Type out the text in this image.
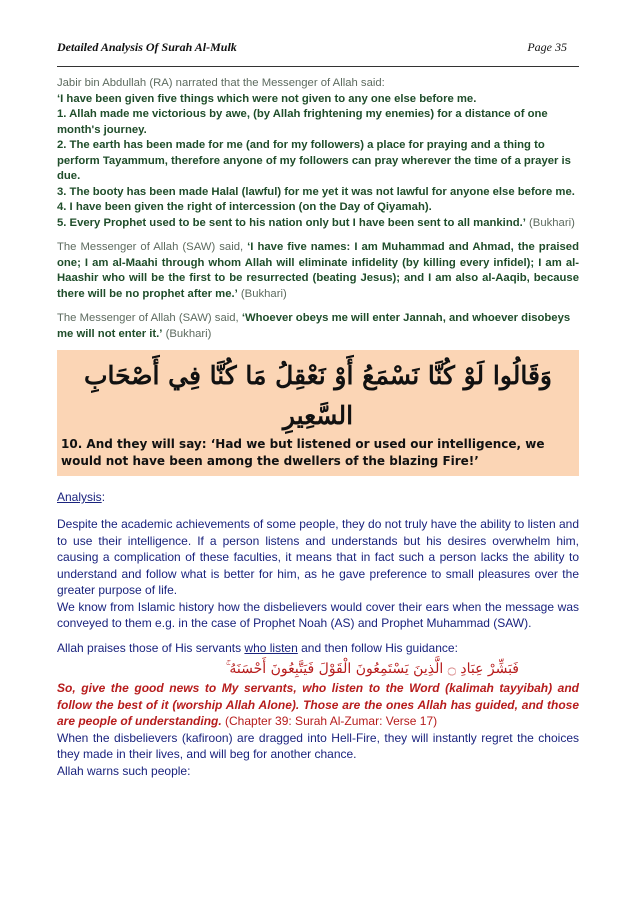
Detailed Analysis Of Surah Al-Mulk	Page 35

Jabir bin Abdullah (RA) narrated that the Messenger of Allah said:

‘I have been given five things which were not given to any one else before me.

1. Allah made me victorious by awe, (by Allah frightening my enemies) for a distance of one month's journey.

2. The earth has been made for me (and for my followers) a place for praying and a thing to perform Tayammum, therefore anyone of my followers can pray wherever the time of a prayer is due.

3. The booty has been made Halal (lawful) for me yet it was not lawful for anyone else before me.

4. I have been given the right of intercession (on the Day of Qiyamah).

5. Every Prophet used to be sent to his nation only but I have been sent to all mankind.’ (Bukhari)

The Messenger of Allah (SAW) said, ‘I have five names: I am Muhammad and Ahmad, the praised one; I am al-Maahi through whom Allah will eliminate infidelity (by killing every infidel); I am al-Haashir who will be the first to be resurrected (beating Jesus); and I am also al-Aaqib, because there will be no prophet after me.’ (Bukhari)

The Messenger of Allah (SAW) said, ‘Whoever obeys me will enter Jannah, and whoever disobeys me will not enter it.’ (Bukhari)

وَقَالُوا لَوْ كُنَّا نَسْمَعُ أَوْ نَعْقِلُ مَا كُنَّا فِي أَصْحَابِ السَّعِيرِ

10. And they will say: ‘Had we but listened or used our intelligence, we would not have been among the dwellers of the blazing Fire!’

Analysis:

Despite the academic achievements of some people, they do not truly have the ability to listen and to use their intelligence. If a person listens and understands but his desires overwhelm him, causing a complication of these faculties, it means that in fact such a person lacks the ability to understand and follow what is better for him, as he gave preference to small pleasures over the greater purpose of life.

We know from Islamic history how the disbelievers would cover their ears when the message was conveyed to them e.g. in the case of Prophet Noah (AS) and Prophet Muhammad (SAW).

Allah praises those of His servants who listen and then follow His guidance:

فَبَشِّرْ عِبَادِ ۝ الَّذِينَ يَسْتَمِعُونَ الْقَوْلَ فَيَتَّبِعُونَ أَحْسَنَهُ ۚ

So, give the good news to My servants, who listen to the Word (kalimah tayyibah) and follow the best of it (worship Allah Alone). Those are the ones Allah has guided, and those are people of understanding. (Chapter 39: Surah Al-Zumar: Verse 17)

When the disbelievers (kafiroon) are dragged into Hell-Fire, they will instantly regret the choices they made in their lives, and will beg for another chance.

Allah warns such people:
